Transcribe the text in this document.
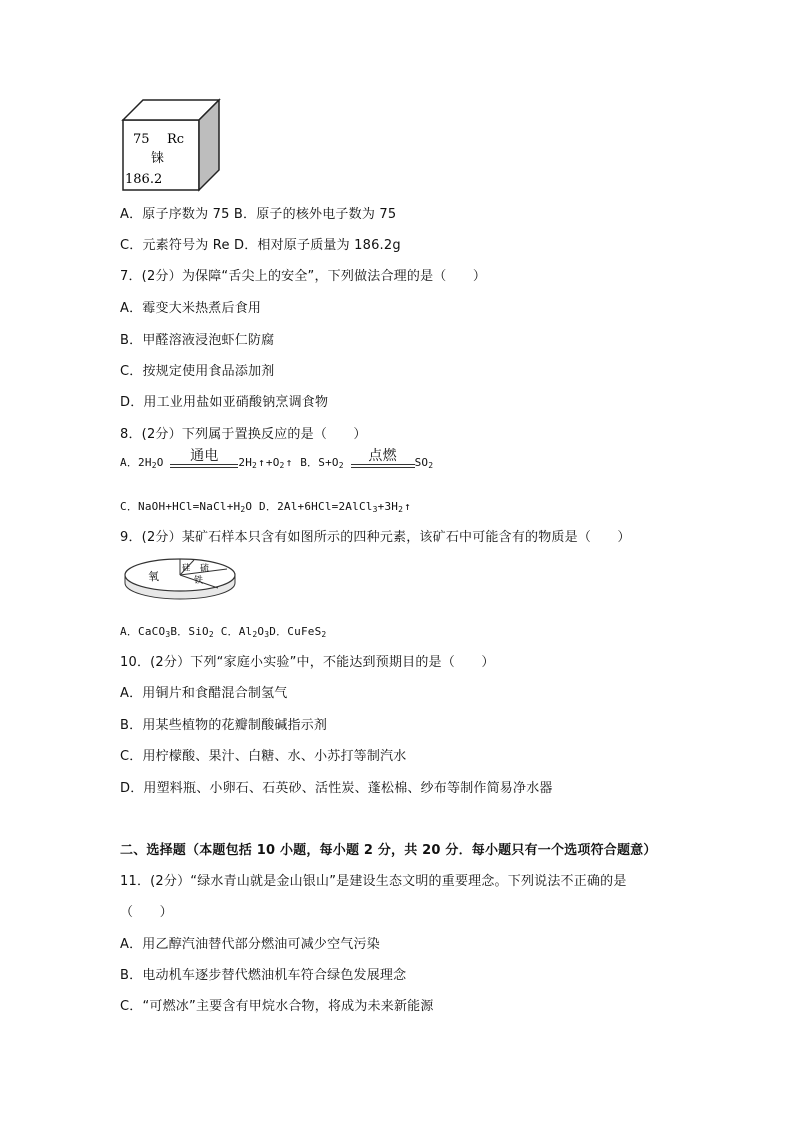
75 Rc
铼
186.2
A．原子序数为 75 B．原子的核外电子数为 75
C．元素符号为 Re D．相对原子质量为 186.2g
7．(2分）为保障“舌尖上的安全”，下列做法合理的是（　　）
A．霉变大米热煮后食用
B．甲醛溶液浸泡虾仁防腐
C．按规定使用食品添加剂
D．用工业用盐如亚硝酸钠烹调食物
8．(2分）下列属于置换反应的是（　　）
A．$2H_2O$	通电	$2H_2↑+O_2↑$ B．$S+O_2$
点燃	$SO_2$
C．$NaOH+HCl=NaCl+H_2O$ D．$2Al+6HCl=2AlCl_3+3H_2↑$
9．(2分）某矿石样本只含有如图所示的四种元素，该矿石中可能含有的物质是（　　）
氧
硅 硫
铁
A．CaCO$_3$B．SiO$_2$ C．$Al_2O_3D$．CuFeS$_2$
10．(2分）下列“家庭小实验”中，不能达到预期目的是（　　）
A．用铜片和食醋混合制氢气
B．用某些植物的花瓣制酸碱指示剂
C．用柠檬酸、果汁、白糖、水、小苏打等制汽水
D．用塑料瓶、小卵石、石英砂、活性炭、蓬松棉、纱布等制作简易净水器
二、选择题（本题包括 10 小题，每小题 2 分，共 20 分．每小题只有一个选项符合题意）
11．(2分）“绿水青山就是金山银山”是建设生态文明的重要理念。下列说法不正确的是
（　　）
A．用乙醇汽油替代部分燃油可减少空气污染
B．电动机车逐步替代燃油机车符合绿色发展理念
C．“可燃冰”主要含有甲烷水合物，将成为未来新能源
